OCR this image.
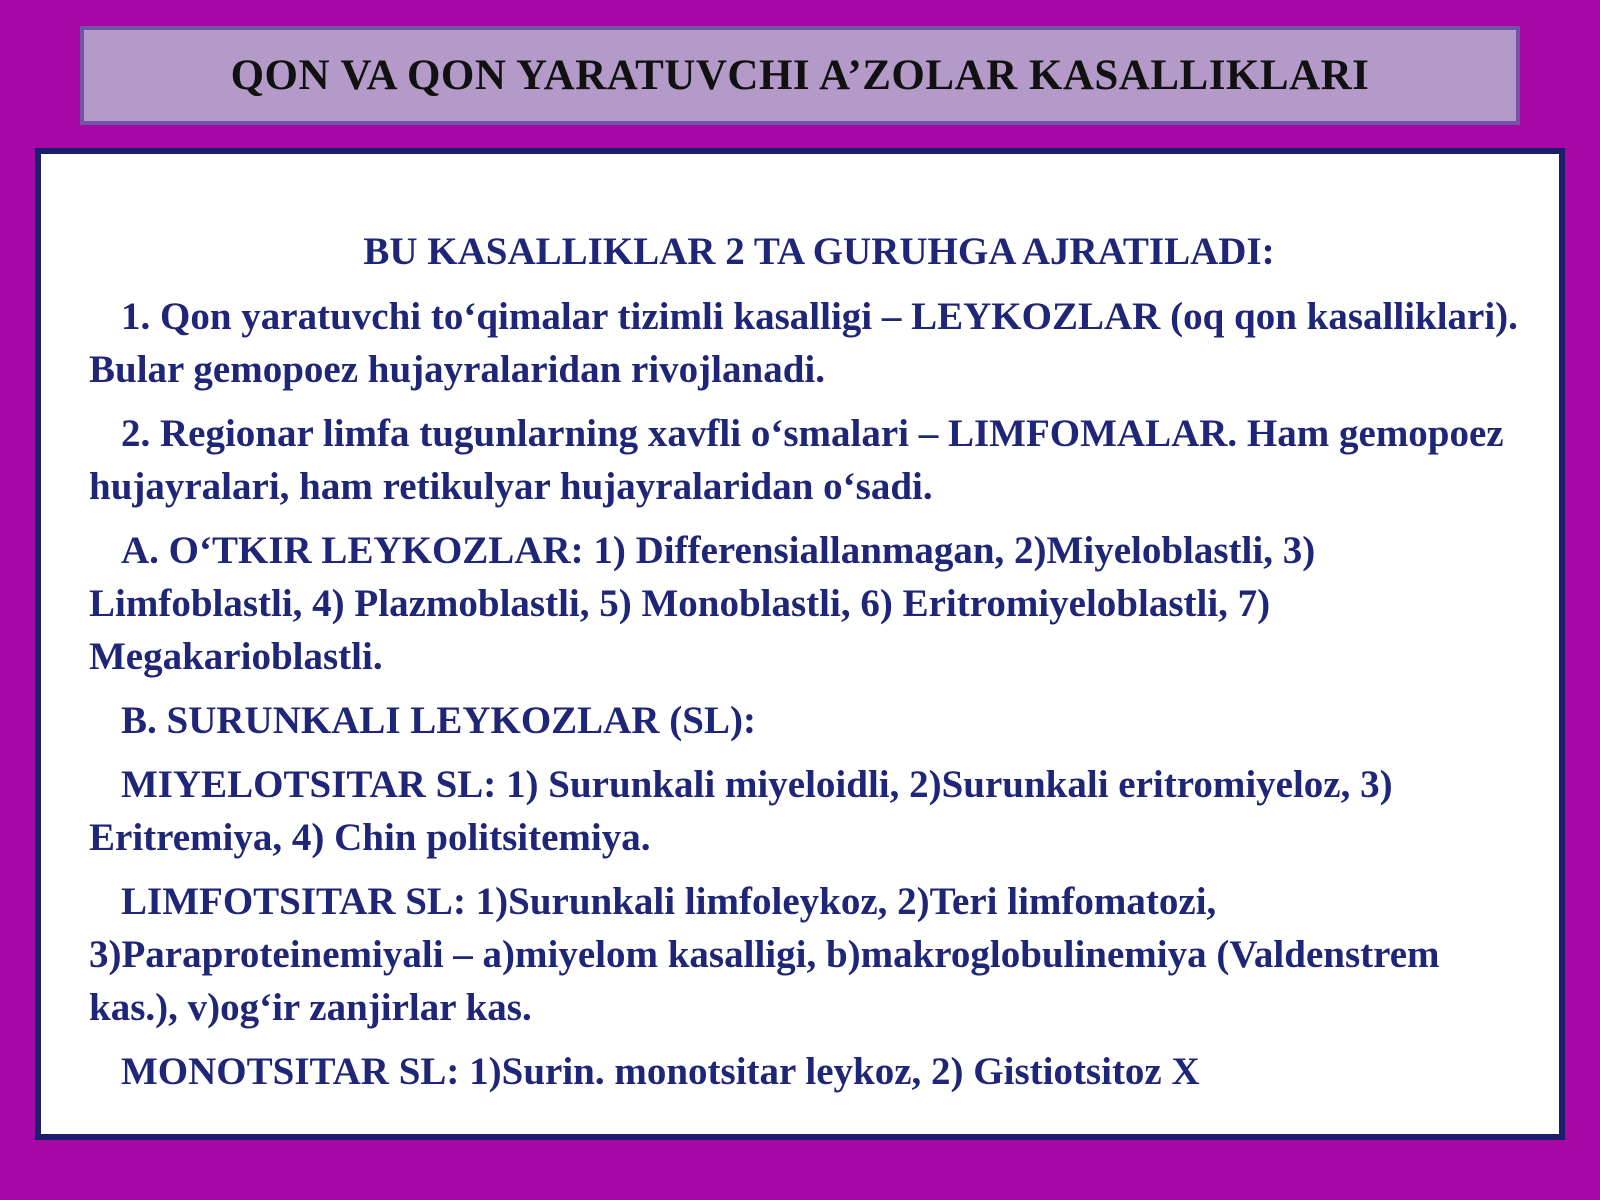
QON VA QON YARATUVCHI A’ZOLAR KASALLIKLARI
BU KASALLIKLAR 2 TA GURUHGA AJRATILADI:

1. Qon yaratuvchi to‘qimalar tizimli kasalligi – LEYKOZLAR (oq qon kasalliklari). Bular gemopoez hujayralaridan rivojlanadi.

2. Regionar limfa tugunlarning xavfli o‘smalari – LIMFOMALAR. Ham gemopoez hujayralari, ham retikulyar hujayralaridan o‘sadi.

A. O‘TKIR LEYKOZLAR: 1) Differensiallanmagan, 2)Miyeloblastli, 3) Limfoblastli, 4) Plazmoblastli, 5) Monoblastli, 6) Eritromiyeloblastli, 7) Megakarioblastli.

B. SURUNKALI LEYKOZLAR (SL):

MIYELOTSITAR SL: 1) Surunkali miyeloidli, 2)Surunkali eritromiyeloz, 3) Eritremiya, 4) Chin politsitemiya.

LIMFOTSITAR SL: 1)Surunkali limfoleykoz, 2)Teri limfomatozi, 3)Paraproteinemiyali – a)miyelom kasalligi, b)makroglobulinemiya (Valdenstrem kas.), v)og‘ir zanjirlar kas.

MONOTSITAR SL: 1)Surin. monotsitar leykoz, 2) Gistiotsitoz X
